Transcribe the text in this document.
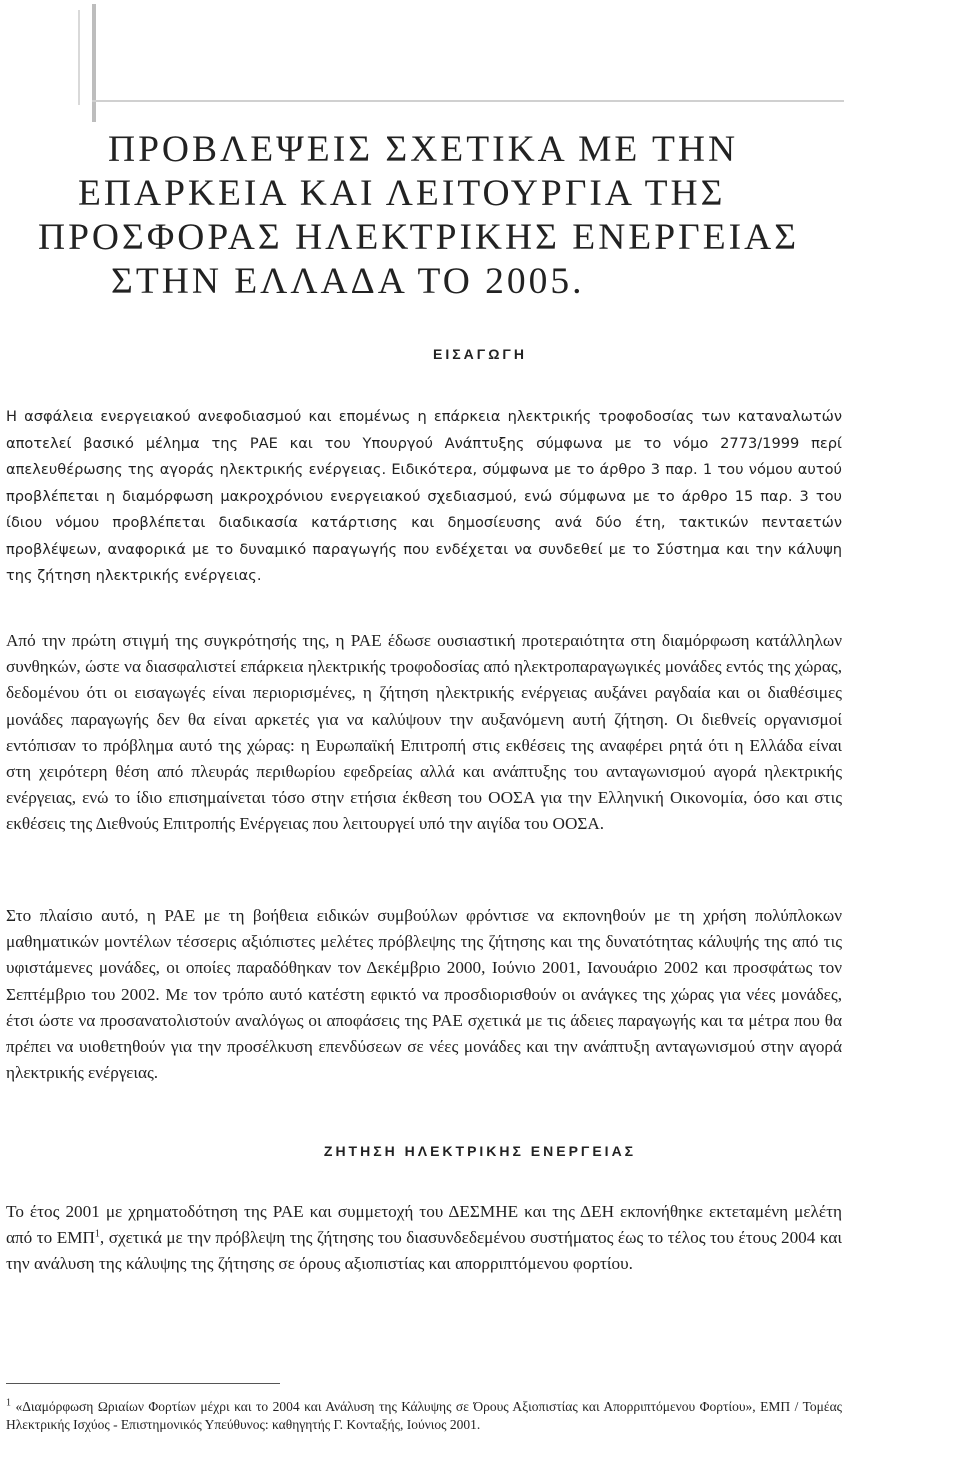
ΠΡΟΒΛΕΨΕΙΣ ΣΧΕΤΙΚΑ ΜΕ ΤΗΝ
ΕΠΑΡΚΕΙΑ ΚΑΙ ΛΕΙΤΟΥΡΓΙΑ ΤΗΣ
ΠΡΟΣΦΟΡΑΣ ΗΛΕΚΤΡΙΚΗΣ ΕΝΕΡΓΕΙΑΣ
ΣΤΗΝ ΕΛΛΑΔΑ ΤΟ 2005.
ΕΙΣΑΓΩΓΗ
Η ασφάλεια ενεργειακού ανεφοδιασμού και επομένως η επάρκεια ηλεκτρικής τροφοδοσίας των καταναλωτών αποτελεί βασικό μέλημα της ΡΑΕ και του Υπουργού Ανάπτυξης σύμφωνα με το νόμο 2773/1999 περί απελευθέρωσης της αγοράς ηλεκτρικής ενέργειας. Ειδικότερα, σύμφωνα με το άρθρο 3 παρ. 1 του νόμου αυτού προβλέπεται η διαμόρφωση μακροχρόνιου ενεργειακού σχεδιασμού, ενώ σύμφωνα με το άρθρο 15 παρ. 3 του ίδιου νόμου προβλέπεται διαδικασία κατάρτισης και δημοσίευσης ανά δύο έτη, τακτικών πενταετών προβλέψεων, αναφορικά με το δυναμικό παραγωγής που ενδέχεται να συνδεθεί με το Σύστημα και την κάλυψη της ζήτηση ηλεκτρικής ενέργειας.
Από την πρώτη στιγμή της συγκρότησής της, η ΡΑΕ έδωσε ουσιαστική προτεραιότητα στη διαμόρφωση κατάλληλων συνθηκών, ώστε να διασφαλιστεί επάρκεια ηλεκτρικής τροφοδοσίας από ηλεκτροπαραγωγικές μονάδες εντός της χώρας, δεδομένου ότι οι εισαγωγές είναι περιορισμένες, η ζήτηση ηλεκτρικής ενέργειας αυξάνει ραγδαία και οι διαθέσιμες μονάδες παραγωγής δεν θα είναι αρκετές για να καλύψουν την αυξανόμενη αυτή ζήτηση. Οι διεθνείς οργανισμοί εντόπισαν το πρόβλημα αυτό της χώρας: η Ευρωπαϊκή Επιτροπή στις εκθέσεις της αναφέρει ρητά ότι η Ελλάδα είναι στη χειρότερη θέση από πλευράς περιθωρίου εφεδρείας αλλά και ανάπτυξης του ανταγωνισμού αγορά ηλεκτρικής ενέργειας, ενώ το ίδιο επισημαίνεται τόσο στην ετήσια έκθεση του ΟΟΣΑ για την Ελληνική Οικονομία, όσο και στις εκθέσεις της Διεθνούς Επιτροπής Ενέργειας που λειτουργεί υπό την αιγίδα του ΟΟΣΑ.
Στο πλαίσιο αυτό, η ΡΑΕ με τη βοήθεια ειδικών συμβούλων φρόντισε να εκπονηθούν με τη χρήση πολύπλοκων μαθηματικών μοντέλων τέσσερις αξιόπιστες μελέτες πρόβλεψης της ζήτησης και της δυνατότητας κάλυψής της από τις υφιστάμενες μονάδες, οι οποίες παραδόθηκαν τον Δεκέμβριο 2000, Ιούνιο 2001, Ιανουάριο 2002 και προσφάτως τον Σεπτέμβριο του 2002. Με τον τρόπο αυτό κατέστη εφικτό να προσδιορισθούν οι ανάγκες της χώρας για νέες μονάδες, έτσι ώστε να προσανατολιστούν αναλόγως οι αποφάσεις της ΡΑΕ σχετικά με τις άδειες παραγωγής και τα μέτρα που θα πρέπει να υιοθετηθούν για την προσέλκυση επενδύσεων σε νέες μονάδες και την ανάπτυξη ανταγωνισμού στην αγορά ηλεκτρικής ενέργειας.
ΖΗΤΗΣΗ ΗΛΕΚΤΡΙΚΗΣ ΕΝΕΡΓΕΙΑΣ
Το έτος 2001 με χρηματοδότηση της ΡΑΕ και συμμετοχή του ΔΕΣΜΗΕ και της ΔΕΗ εκπονήθηκε εκτεταμένη μελέτη από το ΕΜΠ$^1$, σχετικά με την πρόβλεψη της ζήτησης του διασυνδεδεμένου συστήματος έως το τέλος του έτους 2004 και την ανάλυση της κάλυψης της ζήτησης σε όρους αξιοπιστίας και απορριπτόμενου φορτίου.
$^1$ «Διαμόρφωση Ωριαίων Φορτίων μέχρι και το 2004 και Ανάλυση της Κάλυψης σε Όρους Αξιοπιστίας και Απορριπτόμενου Φορτίου», ΕΜΠ / Τομέας Ηλεκτρικής Ισχύος - Επιστημονικός Υπεύθυνος: καθηγητής Γ. Κονταξής, Ιούνιος 2001.
